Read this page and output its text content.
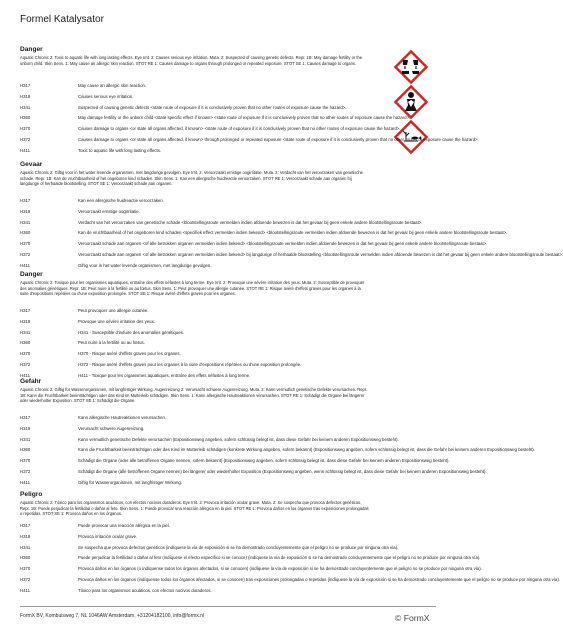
Formel Katalysator
Danger
Aquatic Chronic 2: Toxic to aquatic life with long lasting effects. Eye Irrit. 2: Causes serious eye irritation. Muta. 2: Suspected of causing genetic defects. Repr. 1B: May damage fertility or the unborn child. Skin Sens. 1: May cause an allergic skin reaction. STOT RE 1: Causes damage to organs through prolonged or repeated exposure. STOT SE 1: Causes damage to organs.
H317	May cause an allergic skin reaction.
H319	Causes serious eye irritation.
H341	Suspected of causing genetic defects <state route of exposure if it is conclusively proven that no other routes of exposure cause the hazard>.
H360	May damage fertility or the unborn child <state specific effect if known> <state route of exposure if it is conclusively proven that no other routes of exposure cause the hazard>.
H370	Causes damage to organs <or state all organs affected, if known> <state route of exposure if it is conclusively proven that no other routes of exposure cause the hazard>.
H372	Causes damage to organs <or state all organs affected, if known> through prolonged or repeated exposure <state route of exposure if it is conclusively proven that no other routes of exposure cause the hazard>.
H411	Toxic to aquatic life with long lasting effects.
Gevaar
Aquatic Chronic 2: Giftig voor in het water levende organismen, met langdurige gevolgen. Eye Irrit. 2: Veroorzaakt ernstige oogirritatie. Muta. 2: Verdacht van het veroorzaken van genetische schade. Repr. 1B: Kan de vruchtbaarheid of het ongeboren kind schaden. Skin Sens. 1: Kan een allergische huidreactie veroorzaken. STOT RE 1: Veroorzaakt schade aan organen bij langdurige of herhaalde blootstelling. STOT SE 1: Veroorzaakt schade aan organen.
H317	Kan een allergische huidreactie veroorzaken.
H319	Veroorzaakt ernstige oogirritatie.
H341	Verdacht van het veroorzaken van genetische schade <blootstellingsroute vermelden indien afdoende bewezen is dat het gevaar bij geen enkele andere blootstellingsroute bestaat>.
H360	Kan de vruchtbaarheid of het ongeboren kind schaden <specifiek effect vermelden indien bekend> <blootstellingsroute vermelden indien afdoende bewezen is dat het gevaar bij geen enkele andere blootstellingsroute bestaat>.
H370	Veroorzaakt schade aan organen <of alle betrokken organen vermelden indien bekend> <blootstellingsroute vermelden indien afdoende bewezen is dat het gevaar bij geen enkele andere blootstellingsroute bestaat>.
H372	Veroorzaakt schade aan organen <of alle betrokken organen vermelden indien bekend> bij langdurige of herhaalde blootstelling <blootstellingsroute vermelden indien afdoende bewezen is dat het gevaar bij geen enkele andere blootstellingsroute bestaat>.
H411	Giftig voor in het water levende organismen, met langdurige gevolgen.
Danger
Aquatic Chronic 2: Toxique pour les organismes aquatiques, entraîne des effets néfastes à long terme. Eye Irrit. 2: Provoque une sévère irritation des yeux. Muta. 2: Susceptible de provoquer des anomalies génétiques. Repr. 1B: Peut nuire à la fertilité ou au fœtus. Skin Sens. 1: Peut provoquer une allergie cutanée. STOT RE 1: Risque avéré d'effets graves pour les organes à la suite d'expositions répétées ou d'une exposition prolongée. STOT SE 1: Risque avéré d'effets graves pour les organes.
H317	Peut provoquer une allergie cutanée.
H319	Provoque une sévère irritation des yeux.
H341	H341 - Susceptible d'induire des anomalies génétiques.
H360	Peut nuire à la fertilité ou au fœtus.
H370	H370 - Risque avéré d'effets graves pour les organes.
H372	H372 - Risque avéré d'effets graves pour les organes à la suite d'expositions répétées ou d'une exposition prolongée.
H411	H411 - Toxique pour les organismes aquatiques, entraîne des effets néfastes à long terme.
Gefahr
Aquatic Chronic 2: Giftig für Wasserorganismen, mit langfristiger Wirkung. Augenreizung 2: Verursacht schwere Augenreizung. Muta. 2: Kann vermutlich genetische Defekte verursachen. Repr. 1B: Kann die Fruchtbarkeit beeinträchtigen oder das Kind im Mutterleib schädigen. Skin Sens. 1: Kann allergische Hautreaktionen verursachen. STOT RE 1: Schädigt die Organe bei längerer oder wiederholter Exposition. STOT SE 1: Schädigt die Organe.
H317	Kann allergische Hautreaktionen verursachen.
H319	Verursacht schwere Augenreizung.
H341	Kann vermutlich genetische Defekte verursachen (Expositionsweg angeben, sofern schlüssig belegt ist, dass diese Gefahr bei keinem anderen Expositionsweg besteht).
H360	Kann die Fruchtbarkeit beeinträchtigen oder das Kind im Mutterleib schädigen (konkrete Wirkung angeben, sofern bekannt) (Expositionsweg angeben, sofern schlüssig belegt ist, dass die Gefahr bei keinem anderen Expositionsweg besteht).
H370	Schädigt die Organe (oder alle betroffenen Organe nennen, sofern bekannt) (Expositionsweg angeben, sofern schlüssig belegt ist, dass diese Gefahr bei keinem anderen Expositionsweg besteht).
H372	Schädigt die Organe (alle betroffenen Organe nennen) bei längerer oder wiederholter Exposition (Expositionsweg angeben, wenn schlüssig belegt ist, dass diese Gefahr bei keinem anderen Expositionsweg besteht).
H411	Giftig für Wasserorganismen, mit langfristiger Wirkung.
Peligro
Aquatic Chronic 2: Tóxico para los organismos acuáticos, con efectos nocivos duraderos. Eye Irrit. 2: Provoca irritación ocular grave. Muta. 2: Se sospecha que provoca defectos genéticos. Repr. 1B: Puede perjudicar la fertilidad o dañar al feto. Skin Sens. 1: Puede provocar una reacción alérgica en la piel. STOT RE 1: Provoca daños en los órganos tras exposiciones prolongadas o repetidas. STOT SE 1: Provoca daños en los órganos.
H317	Puede provocar una reacción alérgica en la piel.
H319	Provoca irritación ocular grave.
H341	Se sospecha que provoca defectos genéticos (indíquese la vía de exposición si se ha demostrado concluyentemente que el peligro no se produce por ninguna otra vía).
H360	Puede perjudicar la fertilidad o dañar al feto (indíquese el efecto específico si se conoce) (indíquese la vía de exposición si se ha demostrado concluyentemente que el peligro no se produce por ninguna otra vía).
H370	Provoca daños en los órganos (o indíquense todos los órganos afectados, si se conocen) (indíquese la vía de exposición si se ha demostrado concluyentemente que el peligro no se produce por ninguna otra vía).
H372	Provoca daños en los órganos (indíquense todos los órganos afectados, si se conocen) tras exposiciones prolongadas o repetidas (indíquese la vía de exposición si se ha demostrado concluyentemente que el peligro no se produce por ninguna otra vía).
H411	Tóxico para los organismos acuáticos, con efectos nocivos duraderos.
FormX BV, Kombuisweg 7, NL 1046AW Amsterdam, +31204182100, info@formx.nl	© FormX
